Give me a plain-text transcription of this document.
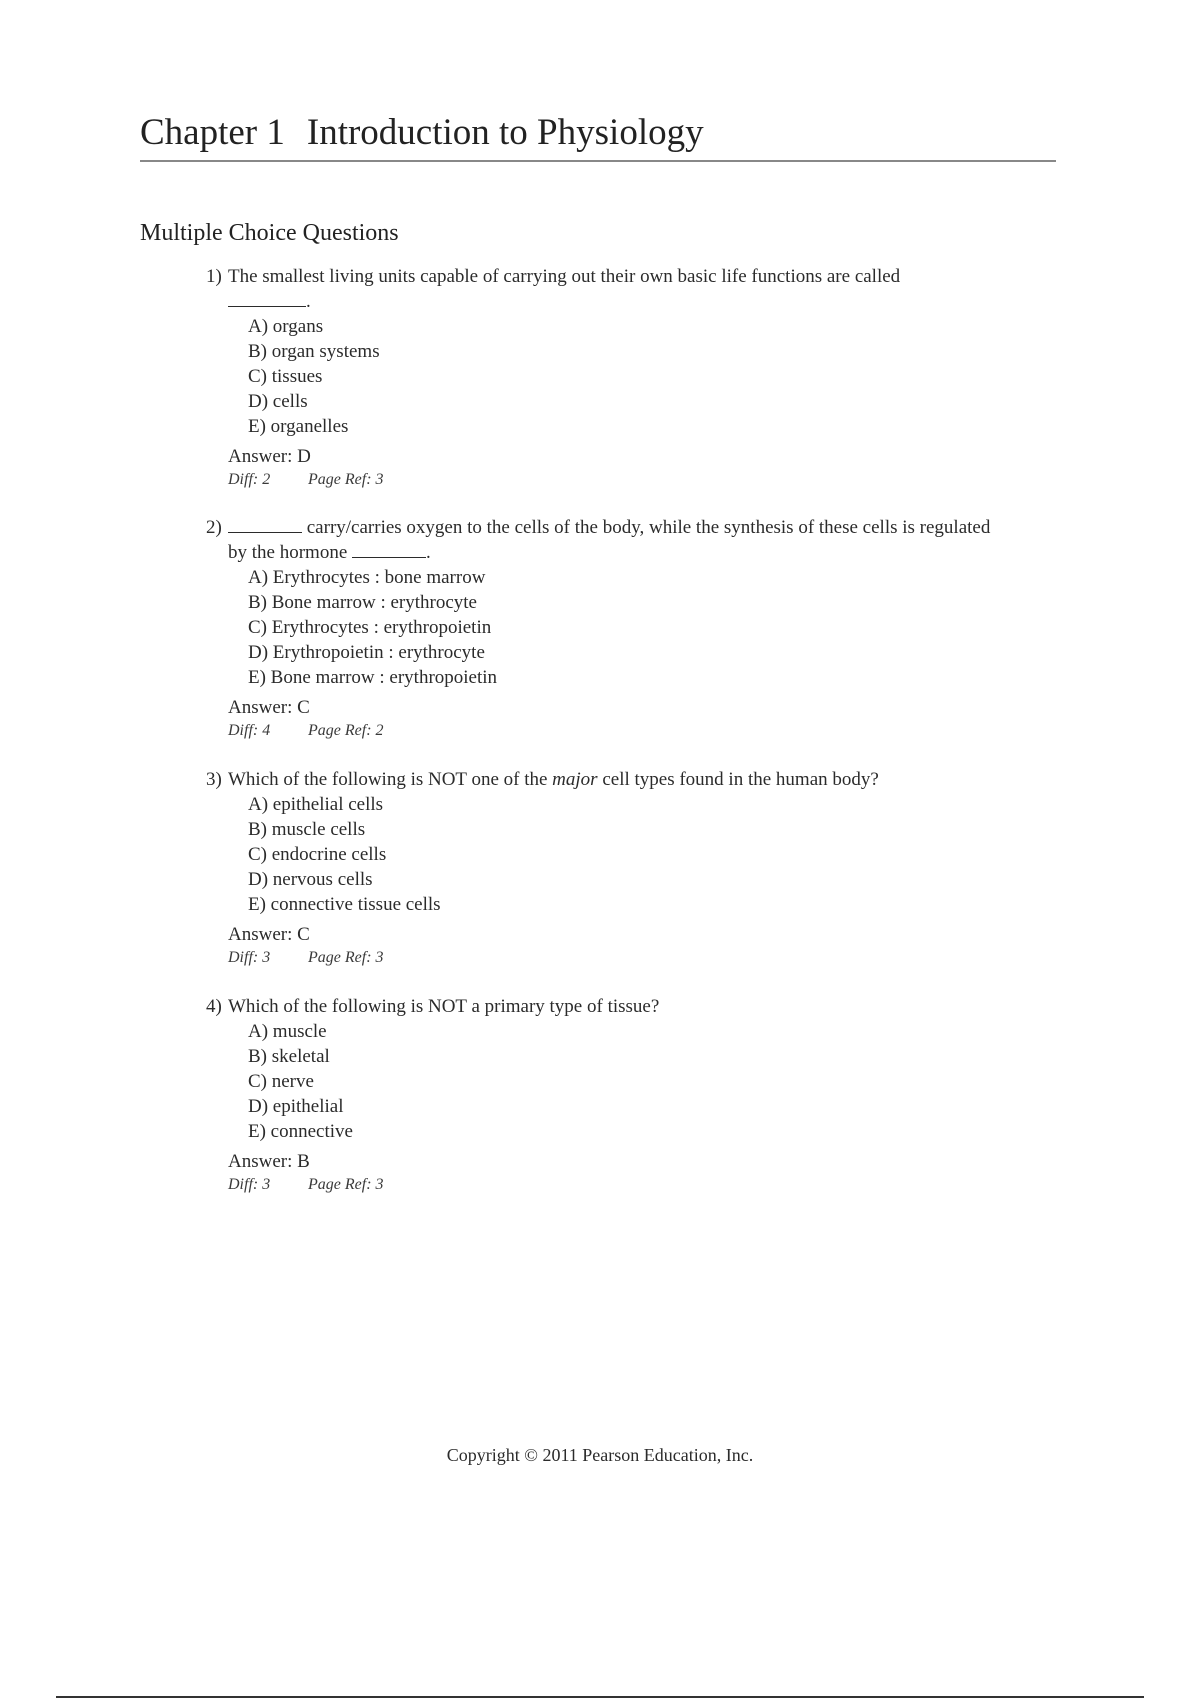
Chapter 1 Introduction to Physiology
Multiple Choice Questions
1) The smallest living units capable of carrying out their own basic life functions are called
.
A) organs
B) organ systems
C) tissues
D) cells
E) organelles
Answer: D
Diff: 2 Page Ref: 3
2)	carry/carries oxygen to the cells of the body, while the synthesis of these cells is regulated by the hormone	.
A) Erythrocytes : bone marrow
B) Bone marrow : erythrocyte
C) Erythrocytes : erythropoietin
D) Erythropoietin : erythrocyte
E) Bone marrow : erythropoietin
Answer: C
Diff: 4 Page Ref: 2
3) Which of the following is NOT one of the major cell types found in the human body?
A) epithelial cells
B) muscle cells
C) endocrine cells
D) nervous cells
E) connective tissue cells
Answer: C
Diff: 3 Page Ref: 3
4) Which of the following is NOT a primary type of tissue?
A) muscle
B) skeletal
C) nerve
D) epithelial
E) connective
Answer: B
Diff: 3 Page Ref: 3
Copyright © 2011 Pearson Education, Inc.
